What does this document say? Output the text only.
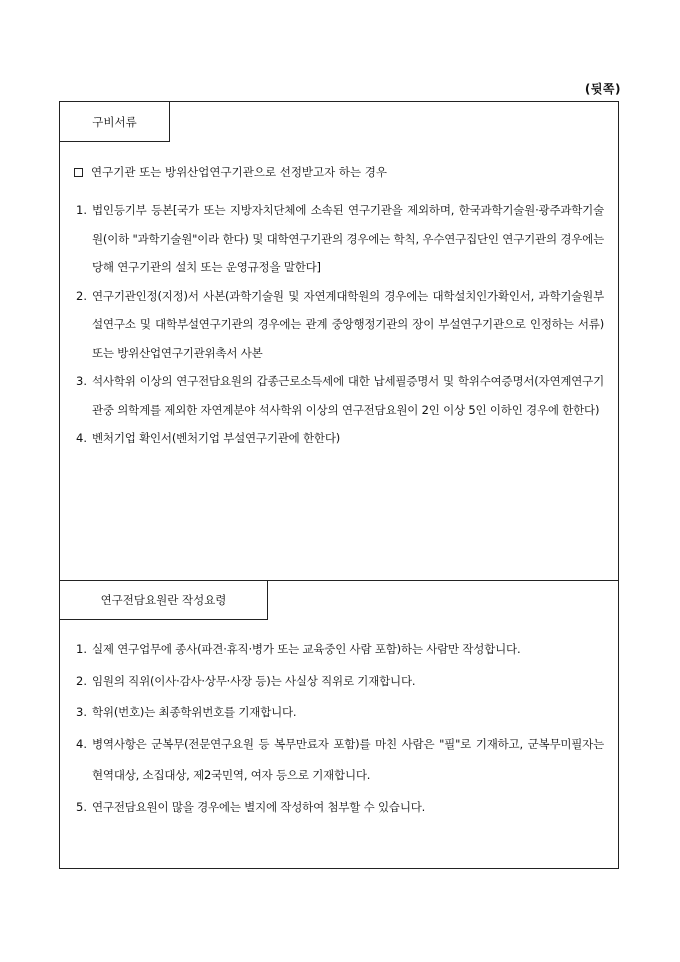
(뒷쪽)
구비서류
연구기관 또는 방위산업연구기관으로 선정받고자 하는 경우
1. 법인등기부 등본[국가 또는 지방자치단체에 소속된 연구기관을 제외하며, 한국과학기술원·광주과학기술원(이하 "과학기술원"이라 한다) 및 대학연구기관의 경우에는 학칙, 우수연구집단인 연구기관의 경우에는 당해 연구기관의 설치 또는 운영규정을 말한다]
2. 연구기관인정(지정)서 사본(과학기술원 및 자연계대학원의 경우에는 대학설치인가확인서, 과학기술원부설연구소 및 대학부설연구기관의 경우에는 관계 중앙행정기관의 장이 부설연구기관으로 인정하는 서류) 또는 방위산업연구기관위촉서 사본
3. 석사학위 이상의 연구전담요원의 갑종근로소득세에 대한 납세필증명서 및 학위수여증명서(자연계연구기관중 의학계를 제외한 자연계분야 석사학위 이상의 연구전담요원이 2인 이상 5인 이하인 경우에 한한다)
4. 벤처기업 확인서(벤처기업 부설연구기관에 한한다)
연구전담요원란 작성요령
1. 실제 연구업무에 종사(파견·휴직·병가 또는 교육중인 사람 포함)하는 사람만 작성합니다.
2. 임원의 직위(이사·감사·상무·사장 등)는 사실상 직위로 기재합니다.
3. 학위(번호)는 최종학위번호를 기재합니다.
4. 병역사항은 군복무(전문연구요원 등 복무만료자 포함)를 마친 사람은 "필"로 기재하고, 군복무미필자는 현역대상, 소집대상, 제2국민역, 여자 등으로 기재합니다.
5. 연구전담요원이 많을 경우에는 별지에 작성하여 첨부할 수 있습니다.
